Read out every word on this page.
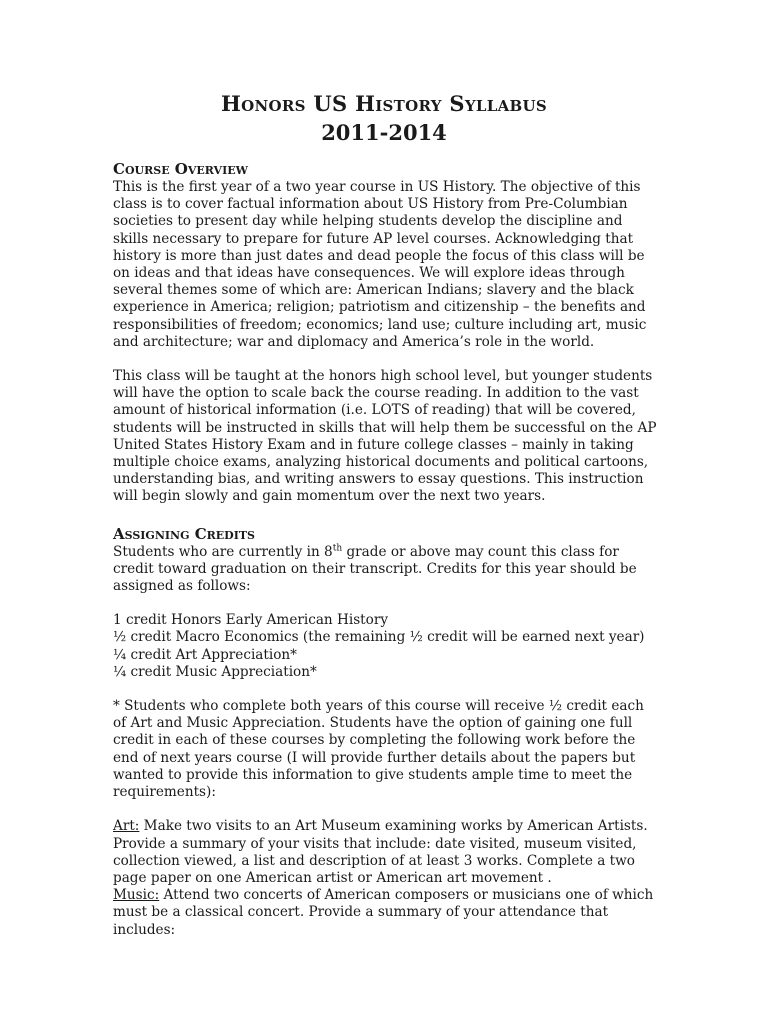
Honors US History Syllabus
2011-2014
Course Overview

This is the first year of a two year course in US History. The objective of this class is to cover factual information about US History from Pre-Columbian societies to present day while helping students develop the discipline and skills necessary to prepare for future AP level courses. Acknowledging that history is more than just dates and dead people the focus of this class will be on ideas and that ideas have consequences. We will explore ideas through several themes some of which are: American Indians; slavery and the black experience in America; religion; patriotism and citizenship – the benefits and responsibilities of freedom; economics; land use; culture including art, music and architecture; war and diplomacy and America’s role in the world.

This class will be taught at the honors high school level, but younger students will have the option to scale back the course reading. In addition to the vast amount of historical information (i.e. LOTS of reading) that will be covered, students will be instructed in skills that will help them be successful on the AP United States History Exam and in future college classes – mainly in taking multiple choice exams, analyzing historical documents and political cartoons, understanding bias, and writing answers to essay questions. This instruction will begin slowly and gain momentum over the next two years.

Assigning Credits

Students who are currently in 8th grade or above may count this class for credit toward graduation on their transcript. Credits for this year should be assigned as follows:

1 credit Honors Early American History

½ credit Macro Economics (the remaining ½ credit will be earned next year)

¼ credit Art Appreciation*

¼ credit Music Appreciation*

* Students who complete both years of this course will receive ½ credit each of Art and Music Appreciation. Students have the option of gaining one full credit in each of these courses by completing the following work before the end of next years course (I will provide further details about the papers but wanted to provide this information to give students ample time to meet the requirements):

Art: Make two visits to an Art Museum examining works by American Artists. Provide a summary of your visits that include: date visited, museum visited, collection viewed, a list and description of at least 3 works. Complete a two page paper on one American artist or American art movement .

Music: Attend two concerts of American composers or musicians one of which must be a classical concert. Provide a summary of your attendance that includes:
